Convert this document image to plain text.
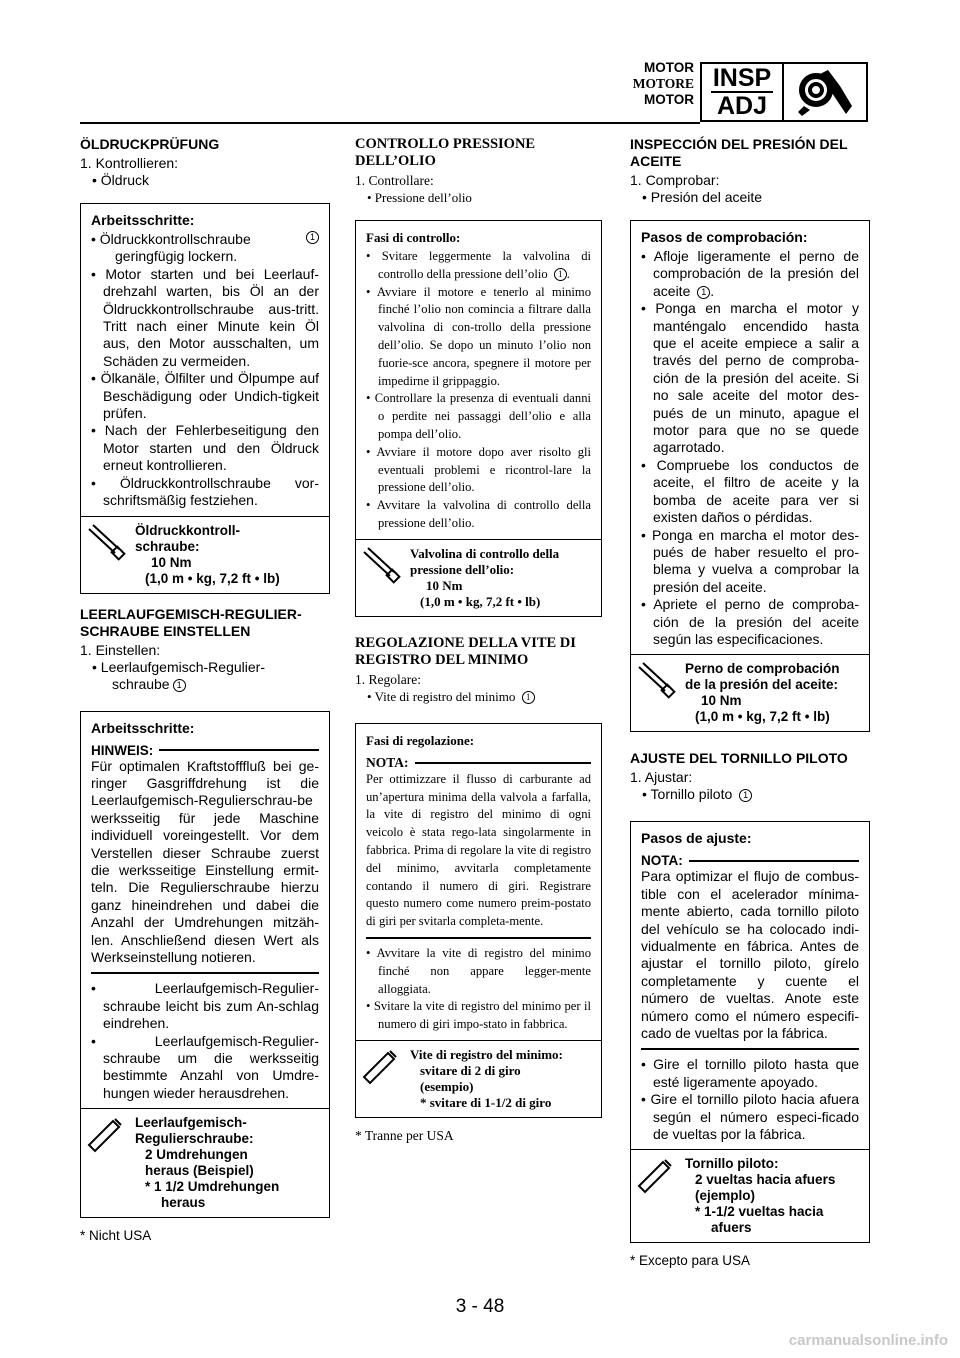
MOTOR
MOTORE
MOTOR
INSP
ADJ
ÖLDRUCKPRÜFUNG
1. Kontrollieren:
• Öldruck
Arbeitsschritte:
• Öldruckkontrollschraube	1
geringfügig lockern.
• Motor starten und bei Leerlauf-drehzahl warten, bis Öl an der Öldruckkontrollschraube aus-tritt. Tritt nach einer Minute kein Öl aus, den Motor ausschalten, um Schäden zu vermeiden.
• Ölkanäle, Ölfilter und Ölpumpe auf Beschädigung oder Undich-tigkeit prüfen.
• Nach der Fehlerbeseitigung den Motor starten und den Öldruck erneut kontrollieren.
• Öldruckkontrollschraube vor-schriftsmäßig festziehen.
Öldruckkontroll-
schraube:
10 Nm
(1,0 m • kg, 7,2 ft • lb)
LEERLAUFGEMISCH-REGULIER-
SCHRAUBE EINSTELLEN
1. Einstellen:
• Leerlaufgemisch-Regulier-
schraube 1
Arbeitsschritte:
HINWEIS:
Für optimalen Kraftstofffluß bei ge-ringer Gasgriffdrehung ist die Leerlaufgemisch-Regulierschrau-be werksseitig für jede Maschine individuell voreingestellt. Vor dem Verstellen dieser Schraube zuerst die werksseitige Einstellung ermit-teln. Die Regulierschraube hierzu ganz hineindrehen und dabei die Anzahl der Umdrehungen mitzäh-len. Anschließend diesen Wert als Werkseinstellung notieren.
• Leerlaufgemisch-Regulier-schraube leicht bis zum An-schlag eindrehen.
• Leerlaufgemisch-Regulier-schraube um die werksseitig bestimmte Anzahl von Umdre-hungen wieder herausdrehen.
Leerlaufgemisch-
Regulierschraube:
2 Umdrehungen
heraus (Beispiel)
* 1 1/2 Umdrehungen
heraus
* Nicht USA
CONTROLLO PRESSIONE
DELL’OLIO
1. Controllare:
• Pressione dell’olio
Fasi di controllo:
• Svitare leggermente la valvolina di controllo della pressione dell’olio 1 .
• Avviare il motore e tenerlo al minimo finché l’olio non comincia a filtrare dalla valvolina di con-trollo della pressione dell’olio. Se dopo un minuto l’olio non fuorie-sce ancora, spegnere il motore per impedirne il grippaggio.
• Controllare la presenza di eventuali danni o perdite nei passaggi dell’olio e alla pompa dell’olio.
• Avviare il motore dopo aver risolto gli eventuali problemi e ricontrol-lare la pressione dell’olio.
• Avvitare la valvolina di controllo della pressione dell’olio.
Valvolina di controllo della
pressione dell’olio:
10 Nm
(1,0 m • kg, 7,2 ft • lb)
REGOLAZIONE DELLA VITE DI
REGISTRO DEL MINIMO
1. Regolare:
• Vite di registro del minimo 1
Fasi di regolazione:
NOTA:
Per ottimizzare il flusso di carburante ad un’apertura minima della valvola a farfalla, la vite di registro del minimo di ogni veicolo è stata rego-lata singolarmente in fabbrica. Prima di regolare la vite di registro del minimo, avvitarla completamente contando il numero di giri. Registrare questo numero come numero preim-postato di giri per svitarla completa-mente.
• Avvitare la vite di registro del minimo finché non appare legger-mente alloggiata.
• Svitare la vite di registro del minimo per il numero di giri impo-stato in fabbrica.
Vite di registro del minimo:
svitare di 2 di giro
(esempio)
* svitare di 1-1/2 di giro
* Tranne per USA
INSPECCIÓN DEL PRESIÓN DEL
ACEITE
1. Comprobar:
• Presión del aceite
Pasos de comprobación:
• Afloje ligeramente el perno de comprobación de la presión del aceite 1 .
• Ponga en marcha el motor y manténgalo encendido hasta que el aceite empiece a salir a través del perno de comproba-ción de la presión del aceite. Si no sale aceite del motor des-pués de un minuto, apague el motor para que no se quede agarrotado.
• Compruebe los conductos de aceite, el filtro de aceite y la bomba de aceite para ver si existen daños o pérdidas.
• Ponga en marcha el motor des-pués de haber resuelto el pro-blema y vuelva a comprobar la presión del aceite.
• Apriete el perno de comproba-ción de la presión del aceite según las especificaciones.
Perno de comprobación
de la presión del aceite:
10 Nm
(1,0 m • kg, 7,2 ft • lb)
AJUSTE DEL TORNILLO PILOTO
1. Ajustar:
• Tornillo piloto 1
Pasos de ajuste:
NOTA:
Para optimizar el flujo de combus-tible con el acelerador mínima-mente abierto, cada tornillo piloto del vehículo se ha colocado indi-vidualmente en fábrica. Antes de ajustar el tornillo piloto, gírelo completamente y cuente el número de vueltas. Anote este número como el número especifi-cado de vueltas por la fábrica.
• Gire el tornillo piloto hasta que esté ligeramente apoyado.
• Gire el tornillo piloto hacia afuera según el número especi-ficado de vueltas por la fábrica.
Tornillo piloto:
2 vueltas hacia afuers
(ejemplo)
* 1-1/2 vueltas hacia
afuers
* Excepto para USA
3 - 48
carmanualsonline.info
